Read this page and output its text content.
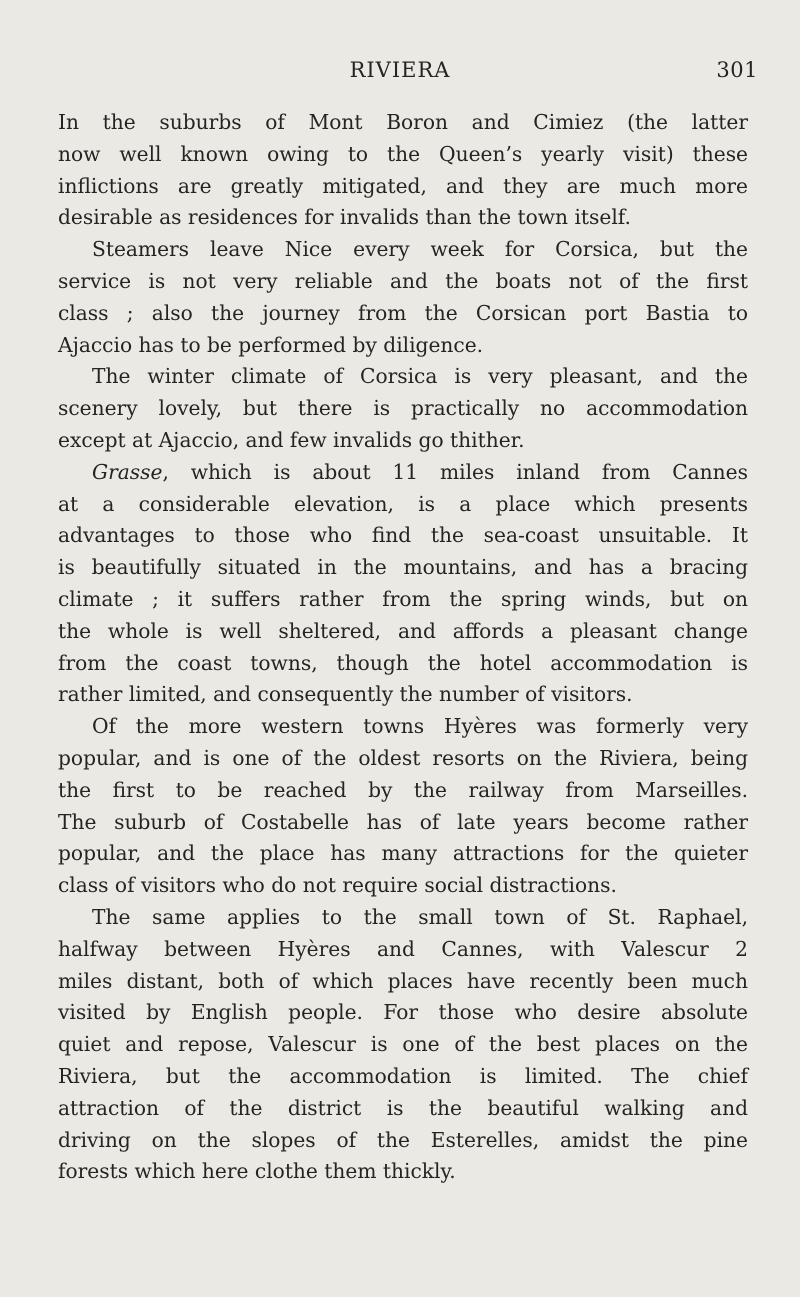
RIVIERA	301
In the suburbs of Mont Boron and Cimiez (the latter
now well known owing to the Queen’s yearly visit) these
inflictions are greatly mitigated, and they are much more
desirable as residences for invalids than the town itself.
Steamers leave Nice every week for Corsica, but the
service is not very reliable and the boats not of the first
class ; also the journey from the Corsican port Bastia to
Ajaccio has to be performed by diligence.
The winter climate of Corsica is very pleasant, and the
scenery lovely, but there is practically no accommodation
except at Ajaccio, and few invalids go thither.
Grasse, which is about 11 miles inland from Cannes
at a considerable elevation, is a place which presents
advantages to those who find the sea-coast unsuitable. It
is beautifully situated in the mountains, and has a bracing
climate ; it suffers rather from the spring winds, but on
the whole is well sheltered, and affords a pleasant change
from the coast towns, though the hotel accommodation is
rather limited, and consequently the number of visitors.
Of the more western towns Hyères was formerly very
popular, and is one of the oldest resorts on the Riviera, being
the first to be reached by the railway from Marseilles.
The suburb of Costabelle has of late years become rather
popular, and the place has many attractions for the quieter
class of visitors who do not require social distractions.
The same applies to the small town of St. Raphael,
halfway between Hyères and Cannes, with Valescur 2
miles distant, both of which places have recently been much
visited by English people. For those who desire absolute
quiet and repose, Valescur is one of the best places on the
Riviera, but the accommodation is limited. The chief
attraction of the district is the beautiful walking and
driving on the slopes of the Esterelles, amidst the pine
forests which here clothe them thickly.
